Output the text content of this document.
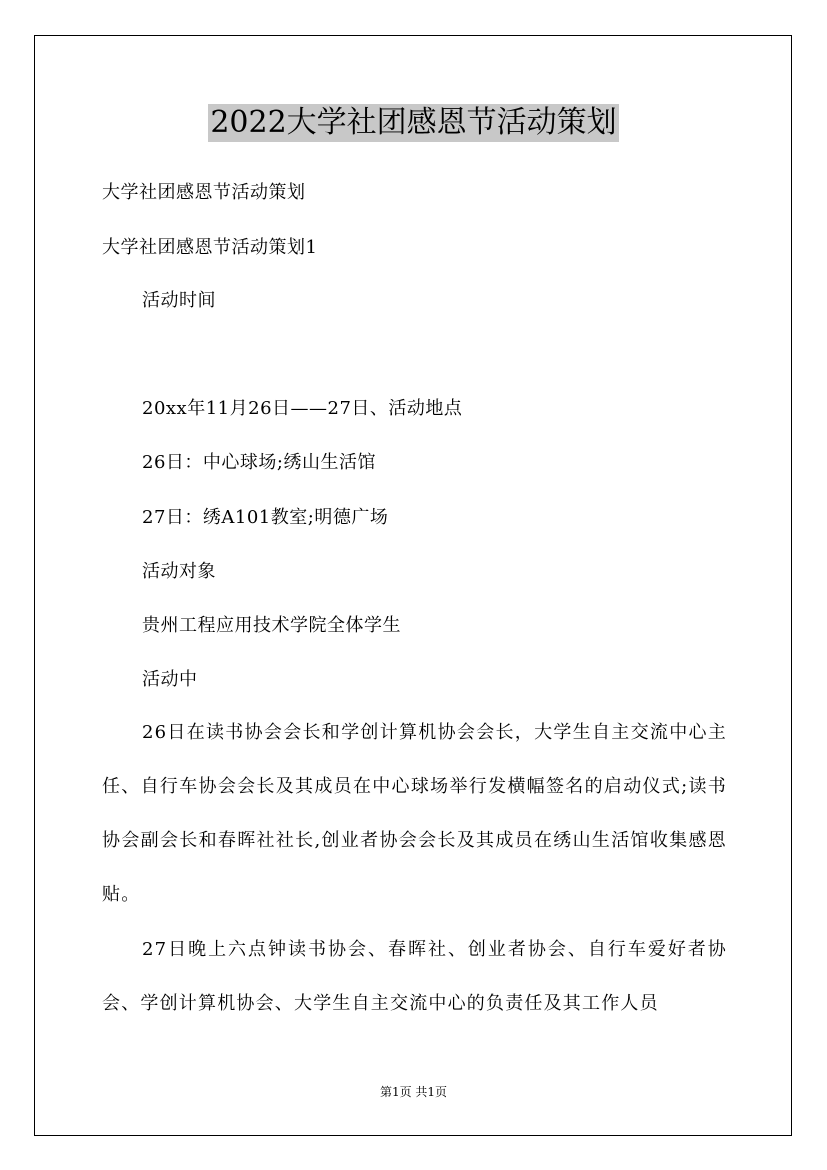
2022大学社团感恩节活动策划
大学社团感恩节活动策划
大学社团感恩节活动策划1
活动时间
20xx年11月26日——27日、活动地点
26日：中心球场;绣山生活馆
27日：绣A101教室;明德广场
活动对象
贵州工程应用技术学院全体学生
活动中
26日在读书协会会长和学创计算机协会会长，大学生自主交流中心主任、自行车协会会长及其成员在中心球场举行发横幅签名的启动仪式;读书协会副会长和春晖社社长,创业者协会会长及其成员在绣山生活馆收集感恩贴。
27日晚上六点钟读书协会、春晖社、创业者协会、自行车爱好者协会、学创计算机协会、大学生自主交流中心的负责任及其工作人员
第1页 共1页
